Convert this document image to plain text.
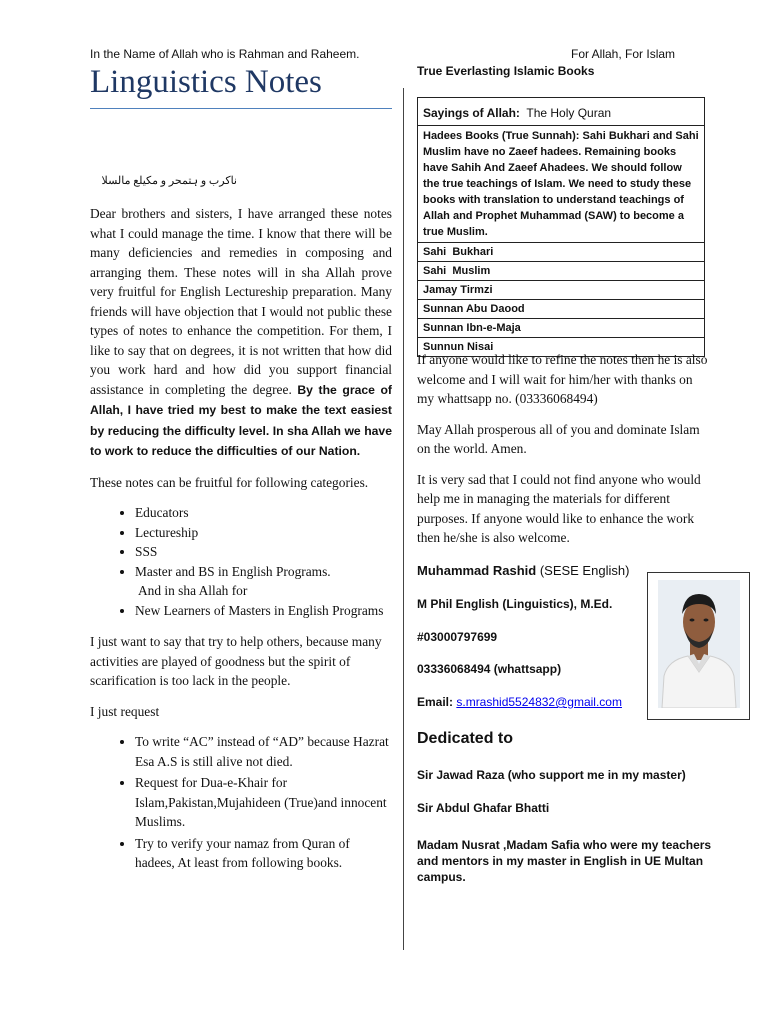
In the Name of Allah who is Rahman and Raheem.	For Allah, For Islam
Linguistics Notes
ناکرب و ہتمحر و مکیلع مالسلا

Dear brothers and sisters, I have arranged these notes what I could manage the time. I know that there will be many deficiencies and remedies in composing and arranging them. These notes will in sha Allah prove very fruitful for English Lectureship preparation. Many friends will have objection that I would not public these types of notes to enhance the competition. For them, I like to say that on degrees, it is not written that how did you work hard and how did you support financial assistance in completing the degree. By the grace of Allah, I have tried my best to make the text easiest by reducing the difficulty level. In sha Allah we have to work to reduce the difficulties of our Nation.

These notes can be fruitful for following categories.

• Educators
• Lectureship
• SSS
• Master and BS in English Programs.
And in sha Allah for
• New Learners of Masters in English Programs

I just want to say that try to help others, because many activities are played of goodness but the spirit of scarification is too lack in the people.

I just request

• To write “AC” instead of “AD” because Hazrat Esa A.S is still alive not died.
• Request for Dua-e-Khair for Islam,Pakistan,Mujahideen (True)and innocent Muslims.
• Try to verify your namaz from Quran of hadees, At least from following books.
True Everlasting Islamic Books
Sayings of Allah: The Holy Quran
Hadees Books (True Sunnah): Sahi Bukhari and Sahi Muslim have no Zaeef hadees. Remaining books have Sahih And Zaeef Ahadees. We should follow the true teachings of Islam. We need to study these books with translation to understand teachings of Allah and Prophet Muhammad (SAW) to become a true Muslim.
Sahi  Bukhari
Sahi  Muslim
Jamay Tirmzi
Sunnan Abu Daood
Sunnan Ibn-e-Maja
Sunnun Nisai

If anyone would like to refine the notes then he is also welcome and I will wait for him/her with thanks on my whattsapp no. (03336068494)

May Allah prosperous all of you and dominate Islam on the world. Amen.

It is very sad that I could not find anyone who would help me in managing the materials for different purposes. If anyone would like to enhance the work then he/she is also welcome.

Muhammad Rashid (SESE English)
M Phil English (Linguistics), M.Ed.
#03000797699
03336068494 (whattsapp)
Email: s.mrashid5524832@gmail.com
Dedicated to
Sir Jawad Raza (who support me in my master)
Sir Abdul Ghafar Bhatti
Madam Nusrat ,Madam Safia who were my teachers and mentors in my master in English in UE Multan campus.
